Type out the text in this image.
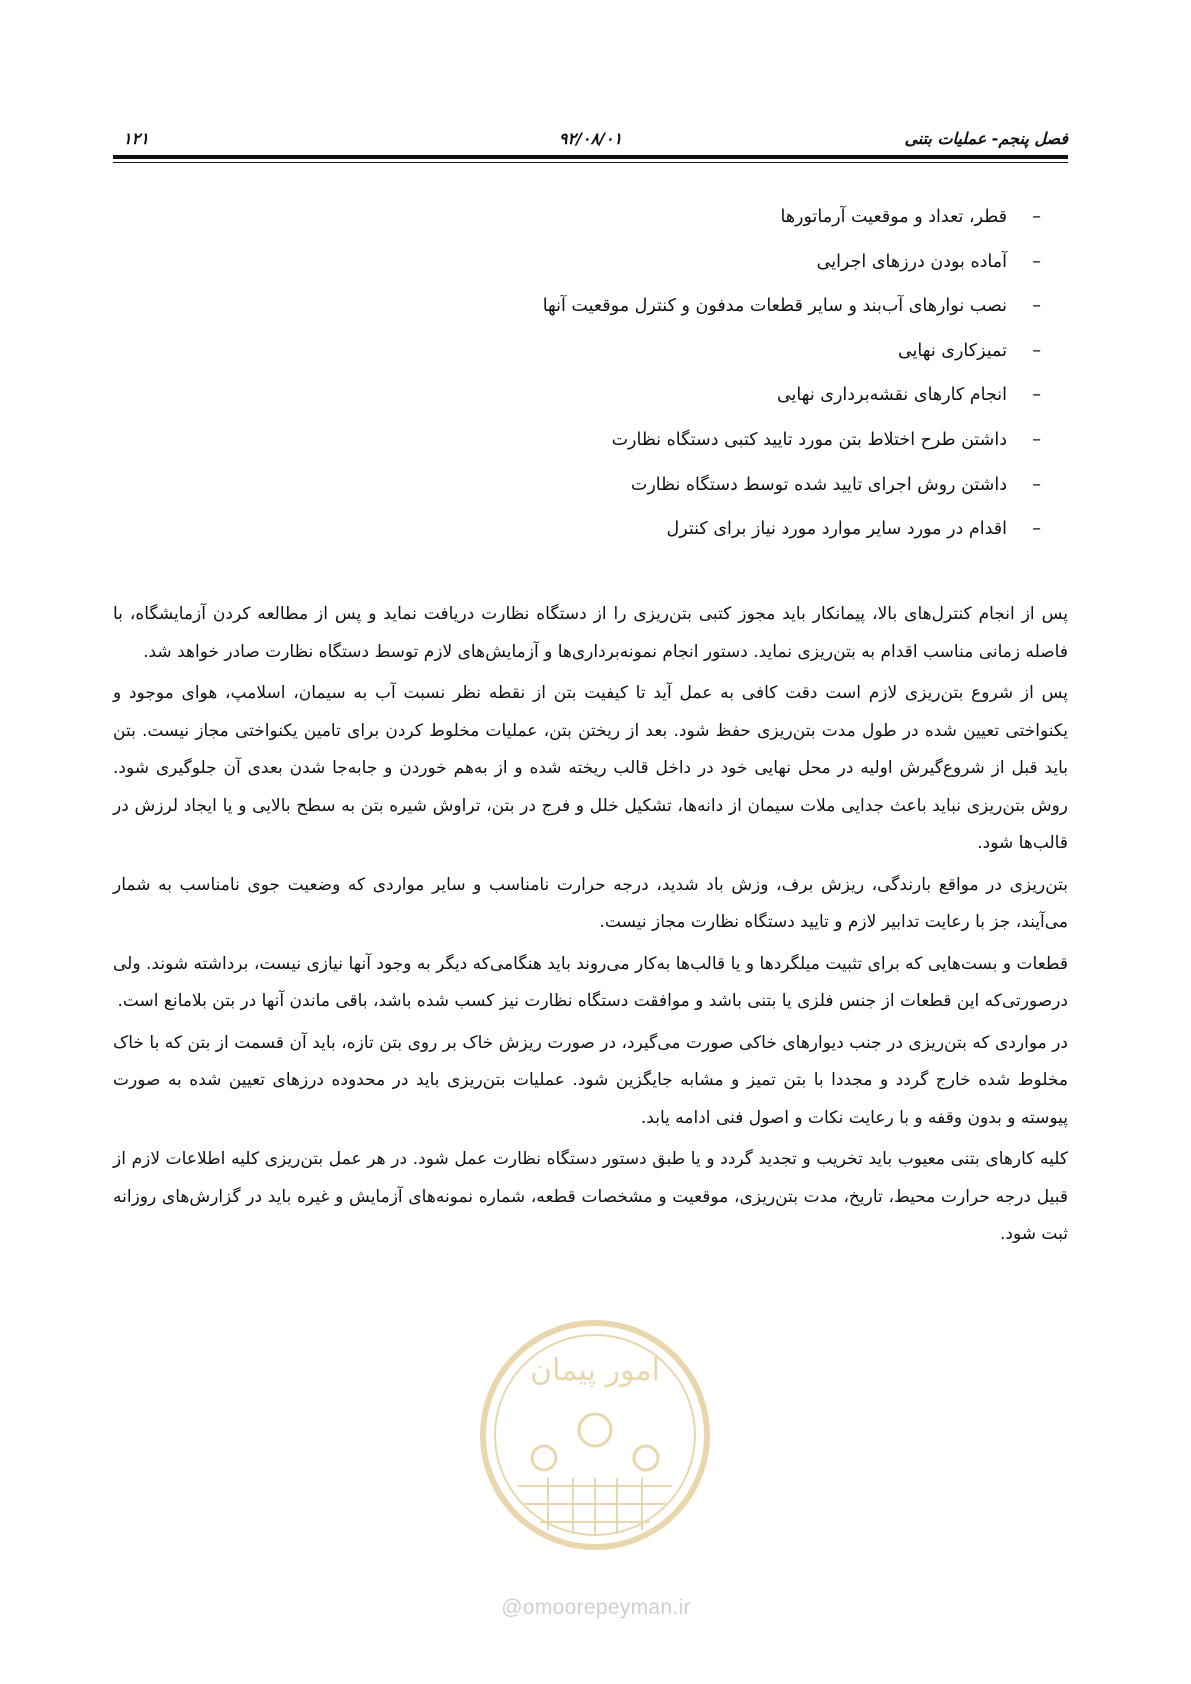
فصل پنجم- عملیات بتنی
۹۲/۰۸/۰۱
۱۲۱
–قطر، تعداد و موقعیت آرماتورها
–آماده بودن درزهای اجرایی
–نصب نوارهای آب‌بند و سایر قطعات مدفون و کنترل موقعیت آنها
–تمیزکاری نهایی
–انجام کارهای نقشه‌برداری نهایی
–داشتن طرح اختلاط بتن مورد تایید کتبی دستگاه نظارت
–داشتن روش اجرای تایید شده توسط دستگاه نظارت
–اقدام در مورد سایر موارد مورد نیاز برای کنترل

پس از انجام کنترل‌های بالا، پیمانکار باید مجوز کتبی بتن‌ریزی را از دستگاه نظارت دریافت نماید و پس از مطالعه کردن آزمایشگاه، با فاصله زمانی مناسب اقدام به بتن‌ریزی نماید. دستور انجام نمونه‌برداری‌ها و آزمایش‌های لازم توسط دستگاه نظارت صادر خواهد شد.

پس از شروع بتن‌ریزی لازم است دقت کافی به عمل آید تا کیفیت بتن از نقطه نظر نسبت آب به سیمان، اسلامپ، هوای موجود و یکنواختی تعیین شده در طول مدت بتن‌ریزی حفظ شود. بعد از ریختن بتن، عملیات مخلوط کردن برای تامین یکنواختی مجاز نیست. بتن باید قبل از شروع‌گیرش اولیه در محل نهایی خود در داخل قالب ریخته شده و از به‌هم خوردن و جابه‌جا شدن بعدی آن جلوگیری شود. روش بتن‌ریزی نباید باعث جدایی ملات سیمان از دانه‌ها، تشکیل خلل و فرج در بتن، تراوش شیره بتن به سطح بالایی و یا ایجاد لرزش در قالب‌ها شود.

بتن‌ریزی در مواقع بارندگی، ریزش برف، وزش باد شدید، درجه حرارت نامناسب و سایر مواردی که وضعیت جوی نامناسب به شمار می‌آیند، جز با رعایت تدابیر لازم و تایید دستگاه نظارت مجاز نیست.

قطعات و بست‌هایی که برای تثبیت میلگردها و یا قالب‌ها به‌کار می‌روند باید هنگامی‌که دیگر به وجود آنها نیازی نیست، برداشته شوند. ولی درصورتی‌که این قطعات از جنس فلزی یا بتنی باشد و موافقت دستگاه نظارت نیز کسب شده باشد، باقی ماندن آنها در بتن بلامانع است.

در مواردی که بتن‌ریزی در جنب دیوارهای خاکی صورت می‌گیرد، در صورت ریزش خاک بر روی بتن تازه، باید آن قسمت از بتن که با خاک مخلوط شده خارج گردد و مجددا با بتن تمیز و مشابه جایگزین شود. عملیات بتن‌ریزی باید در محدوده درزهای تعیین شده به صورت پیوسته و بدون وقفه و با رعایت نکات و اصول فنی ادامه یابد.

کلیه کارهای بتنی معیوب باید تخریب و تجدید گردد و یا طبق دستور دستگاه نظارت عمل شود. در هر عمل بتن‌ریزی کلیه اطلاعات لازم از قبیل درجه حرارت محیط، تاریخ، مدت بتن‌ریزی، موقعیت و مشخصات قطعه، شماره نمونه‌های آزمایش و غیره باید در گزارش‌های روزانه ثبت شود.

امور پیمان
@omoorepeyman.ir
